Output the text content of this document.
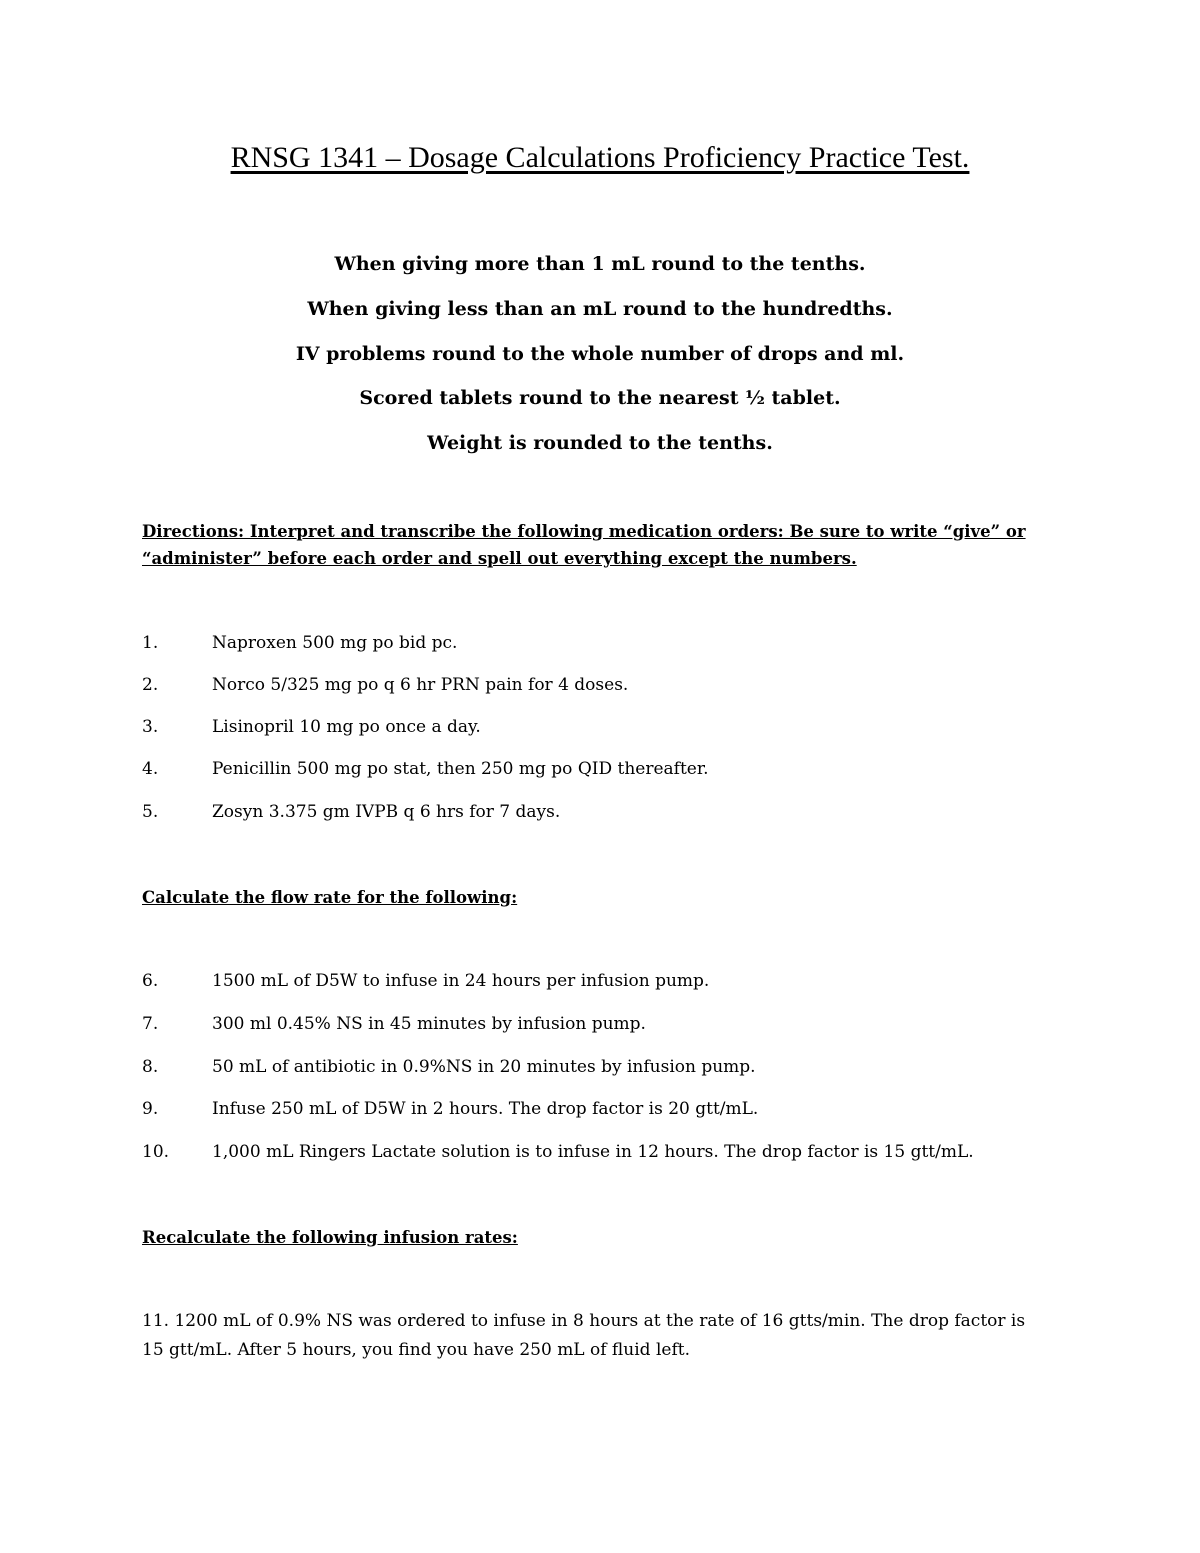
RNSG 1341 – Dosage Calculations Proficiency Practice Test.
When giving more than 1 mL round to the tenths.
When giving less than an mL round to the hundredths.
IV problems round to the whole number of drops and ml.
Scored tablets round to the nearest ½ tablet.
Weight is rounded to the tenths.
Directions: Interpret and transcribe the following medication orders: Be sure to write “give” or “administer” before each order and spell out everything except the numbers.
1.	Naproxen 500 mg po bid pc.
2.	Norco 5/325 mg po q 6 hr PRN pain for 4 doses.
3.	Lisinopril 10 mg po once a day.
4.	Penicillin 500 mg po stat, then 250 mg po QID thereafter.
5.	Zosyn 3.375 gm IVPB q 6 hrs for 7 days.
Calculate the flow rate for the following:
6.	1500 mL of D5W to infuse in 24 hours per infusion pump.
7.	300 ml 0.45% NS in 45 minutes by infusion pump.
8.	50 mL of antibiotic in 0.9%NS in 20 minutes by infusion pump.
9.	Infuse 250 mL of D5W in 2 hours. The drop factor is 20 gtt/mL.
10.	1,000 mL Ringers Lactate solution is to infuse in 12 hours. The drop factor is 15 gtt/mL.
Recalculate the following infusion rates:
11. 1200 mL of 0.9% NS was ordered to infuse in 8 hours at the rate of 16 gtts/min. The drop factor is 15 gtt/mL. After 5 hours, you find you have 250 mL of fluid left.
